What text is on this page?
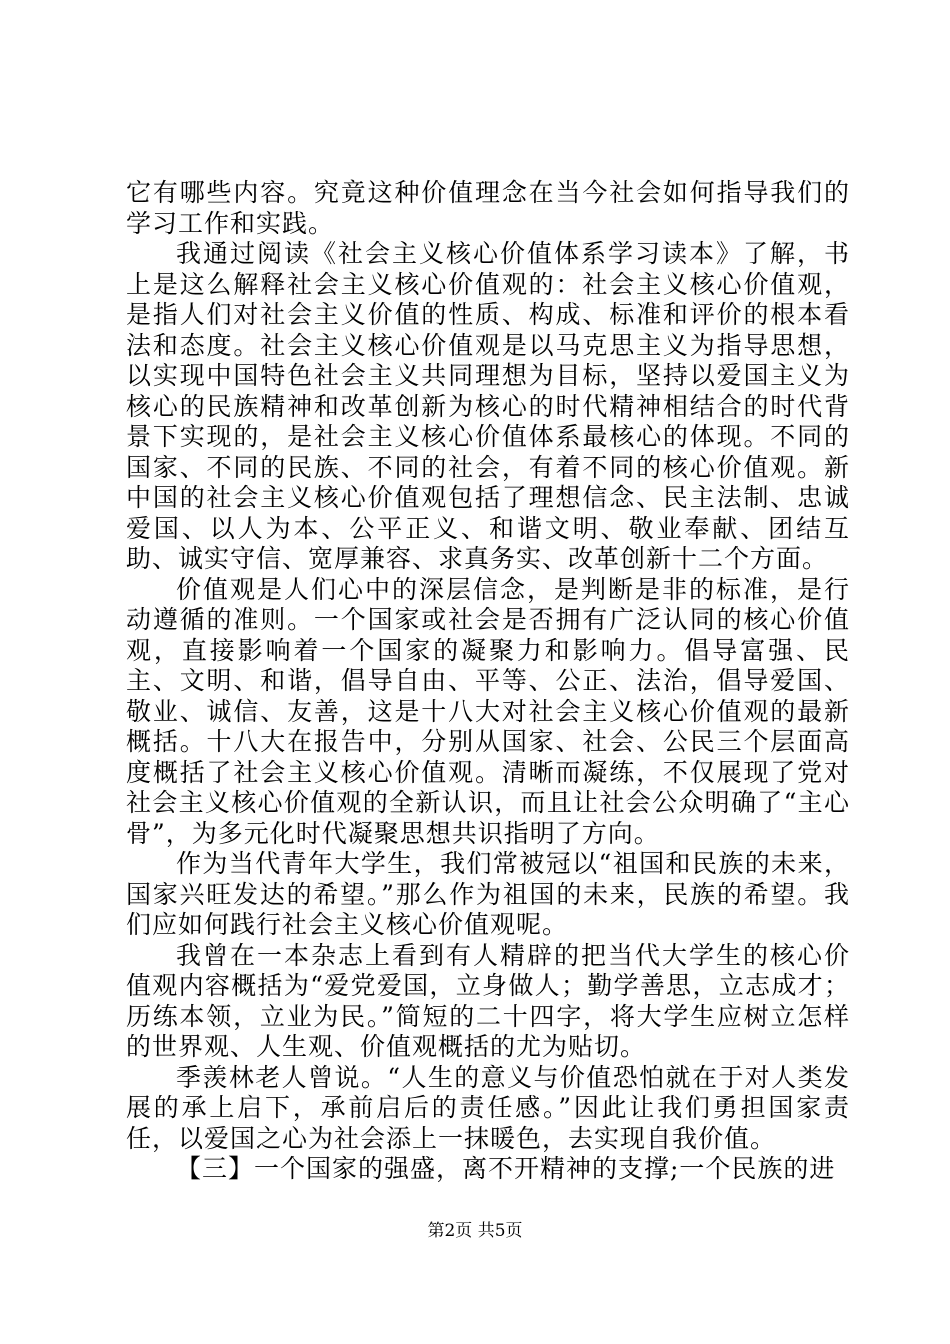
它有哪些内容。究竟这种价值理念在当今社会如何指导我们的学习工作和实践。

我通过阅读《社会主义核心价值体系学习读本》了解，书上是这么解释社会主义核心价值观的：社会主义核心价值观，是指人们对社会主义价值的性质、构成、标准和评价的根本看法和态度。社会主义核心价值观是以马克思主义为指导思想，以实现中国特色社会主义共同理想为目标，坚持以爱国主义为核心的民族精神和改革创新为核心的时代精神相结合的时代背景下实现的，是社会主义核心价值体系最核心的体现。不同的国家、不同的民族、不同的社会，有着不同的核心价值观。新中国的社会主义核心价值观包括了理想信念、民主法制、忠诚爱国、以人为本、公平正义、和谐文明、敬业奉献、团结互助、诚实守信、宽厚兼容、求真务实、改革创新十二个方面。

价值观是人们心中的深层信念，是判断是非的标准，是行动遵循的准则。一个国家或社会是否拥有广泛认同的核心价值观，直接影响着一个国家的凝聚力和影响力。倡导富强、民主、文明、和谐，倡导自由、平等、公正、法治，倡导爱国、敬业、诚信、友善，这是十八大对社会主义核心价值观的最新概括。十八大在报告中，分别从国家、社会、公民三个层面高度概括了社会主义核心价值观。清晰而凝练，不仅展现了党对社会主义核心价值观的全新认识，而且让社会公众明确了“主心骨”，为多元化时代凝聚思想共识指明了方向。

作为当代青年大学生，我们常被冠以“祖国和民族的未来，国家兴旺发达的希望。”那么作为祖国的未来，民族的希望。我们应如何践行社会主义核心价值观呢。

我曾在一本杂志上看到有人精辟的把当代大学生的核心价值观内容概括为“爱党爱国，立身做人；勤学善思，立志成才；历练本领，立业为民。”简短的二十四字，将大学生应树立怎样的世界观、人生观、价值观概括的尤为贴切。

季羡林老人曾说。“人生的意义与价值恐怕就在于对人类发展的承上启下，承前启后的责任感。”因此让我们勇担国家责任，以爱国之心为社会添上一抹暖色，去实现自我价值。

【三】一个国家的强盛，离不开精神的支撑;一个民族的进

第2页 共5页
